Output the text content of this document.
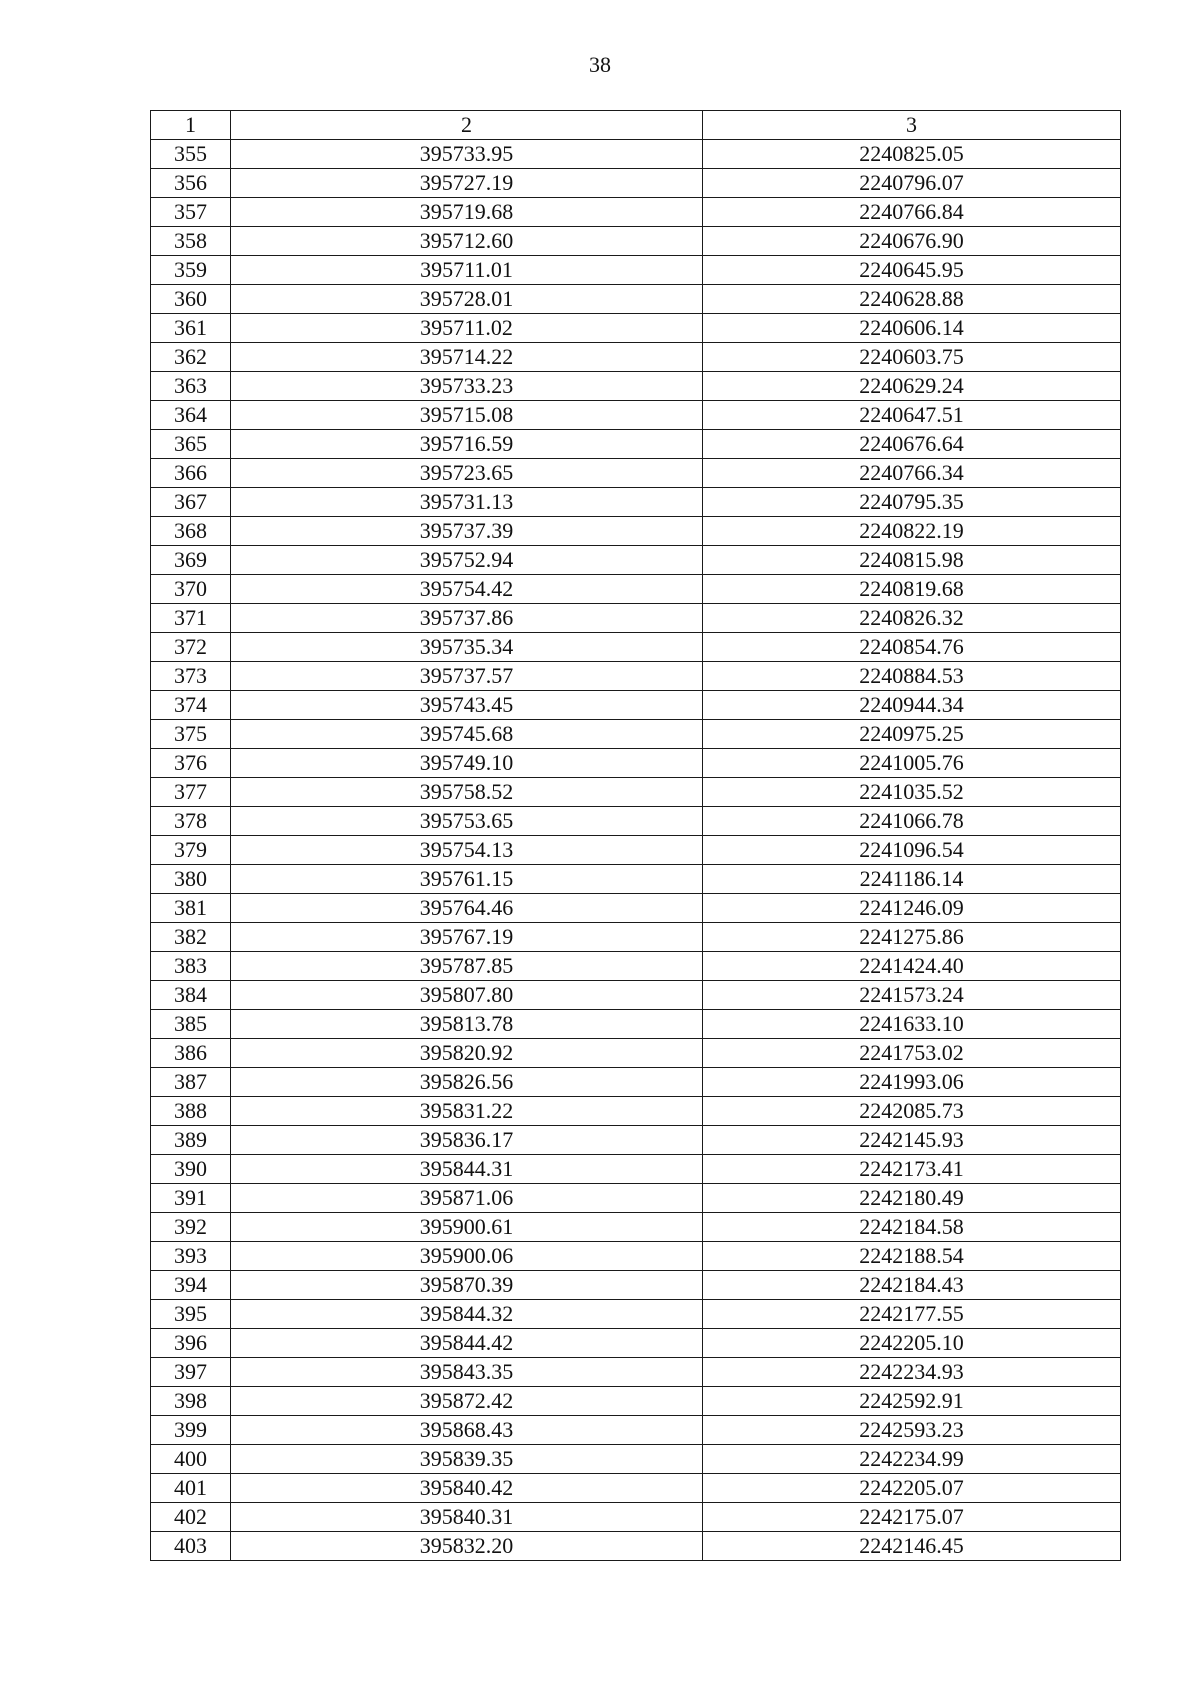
38
1	2	3
355	395733.95	2240825.05
356	395727.19	2240796.07
357	395719.68	2240766.84
358	395712.60	2240676.90
359	395711.01	2240645.95
360	395728.01	2240628.88
361	395711.02	2240606.14
362	395714.22	2240603.75
363	395733.23	2240629.24
364	395715.08	2240647.51
365	395716.59	2240676.64
366	395723.65	2240766.34
367	395731.13	2240795.35
368	395737.39	2240822.19
369	395752.94	2240815.98
370	395754.42	2240819.68
371	395737.86	2240826.32
372	395735.34	2240854.76
373	395737.57	2240884.53
374	395743.45	2240944.34
375	395745.68	2240975.25
376	395749.10	2241005.76
377	395758.52	2241035.52
378	395753.65	2241066.78
379	395754.13	2241096.54
380	395761.15	2241186.14
381	395764.46	2241246.09
382	395767.19	2241275.86
383	395787.85	2241424.40
384	395807.80	2241573.24
385	395813.78	2241633.10
386	395820.92	2241753.02
387	395826.56	2241993.06
388	395831.22	2242085.73
389	395836.17	2242145.93
390	395844.31	2242173.41
391	395871.06	2242180.49
392	395900.61	2242184.58
393	395900.06	2242188.54
394	395870.39	2242184.43
395	395844.32	2242177.55
396	395844.42	2242205.10
397	395843.35	2242234.93
398	395872.42	2242592.91
399	395868.43	2242593.23
400	395839.35	2242234.99
401	395840.42	2242205.07
402	395840.31	2242175.07
403	395832.20	2242146.45
